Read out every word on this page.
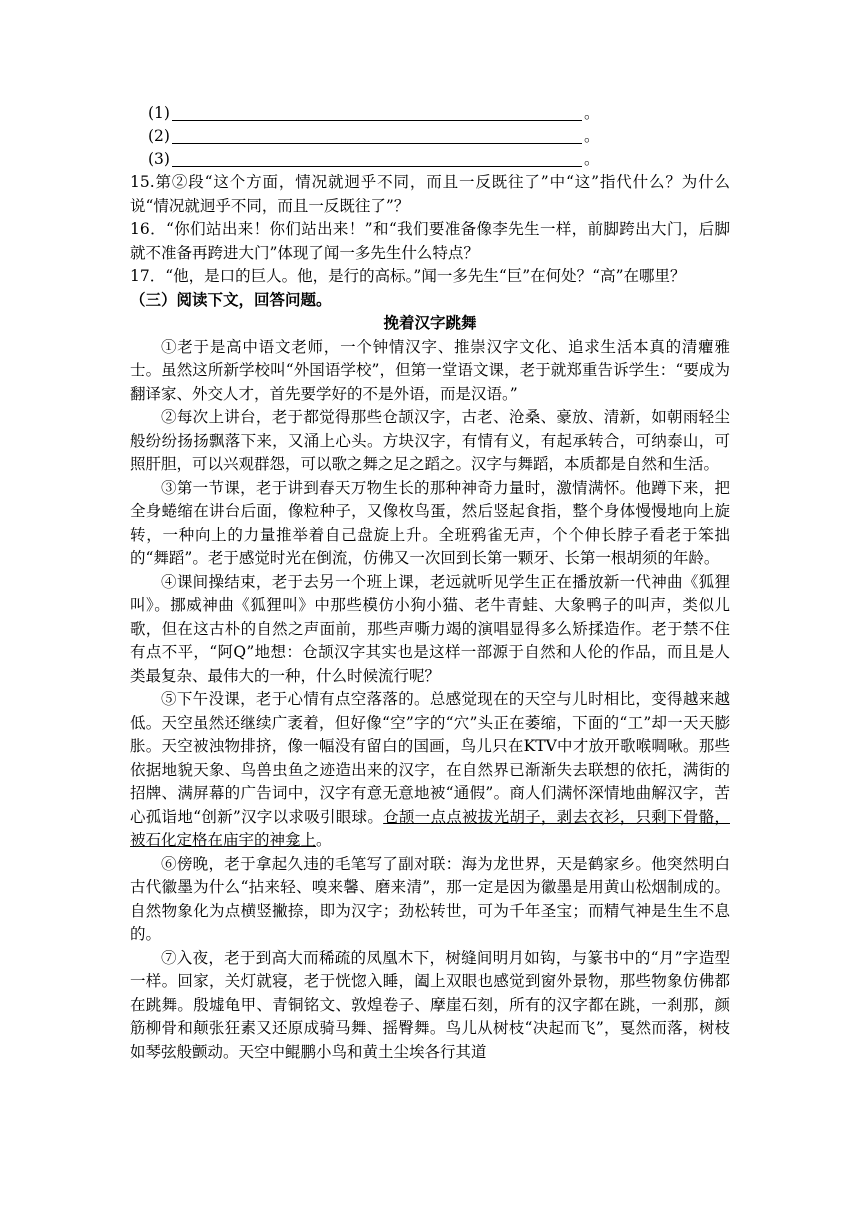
(1)	。
(2)	。
(3)	。

15.第②段“这个方面，情况就迥乎不同，而且一反既往了”中“这”指代什么？为什么说“情况就迥乎不同，而且一反既往了”？

16．“你们站出来！你们站出来！”和“我们要准备像李先生一样，前脚跨出大门，后脚就不准备再跨进大门”体现了闻一多先生什么特点？

17．“他，是口的巨人。他，是行的高标。”闻一多先生“巨”在何处？“高”在哪里？

（三）阅读下文，回答问题。

挽着汉字跳舞

①老于是高中语文老师，一个钟情汉字、推崇汉字文化、追求生活本真的清癯雅士。虽然这所新学校叫“外国语学校”，但第一堂语文课，老于就郑重告诉学生：“要成为翻译家、外交人才，首先要学好的不是外语，而是汉语。”

②每次上讲台，老于都觉得那些仓颉汉字，古老、沧桑、豪放、清新，如朝雨轻尘般纷纷扬扬飘落下来，又涌上心头。方块汉字，有情有义，有起承转合，可纳泰山，可照肝胆，可以兴观群怨，可以歌之舞之足之蹈之。汉字与舞蹈，本质都是自然和生活。

③第一节课，老于讲到春天万物生长的那种神奇力量时，激情满怀。他蹲下来，把全身蜷缩在讲台后面，像粒种子，又像枚鸟蛋，然后竖起食指，整个身体慢慢地向上旋转，一种向上的力量推举着自己盘旋上升。全班鸦雀无声，个个伸长脖子看老于笨拙的“舞蹈”。老于感觉时光在倒流，仿佛又一次回到长第一颗牙、长第一根胡须的年龄。

④课间操结束，老于去另一个班上课，老远就听见学生正在播放新一代神曲《狐狸叫》。挪威神曲《狐狸叫》中那些模仿小狗小猫、老牛青蛙、大象鸭子的叫声，类似儿歌，但在这古朴的自然之声面前，那些声嘶力竭的演唱显得多么矫揉造作。老于禁不住有点不平，“阿Q”地想：仓颉汉字其实也是这样一部源于自然和人伦的作品，而且是人类最复杂、最伟大的一种，什么时候流行呢？

⑤下午没课，老于心情有点空落落的。总感觉现在的天空与儿时相比，变得越来越低。天空虽然还继续广袤着，但好像“空”字的“穴”头正在萎缩，下面的“工”却一天天膨胀。天空被浊物排挤，像一幅没有留白的国画，鸟儿只在KTV中才放开歌喉啁啾。那些依据地貌天象、鸟兽虫鱼之迹造出来的汉字，在自然界已渐渐失去联想的依托，满街的招牌、满屏幕的广告词中，汉字有意无意地被“通假”。商人们满怀深情地曲解汉字，苦心孤诣地“创新”汉字以求吸引眼球。仓颉一点点被拔光胡子，剥去衣衫，只剩下骨骼，被石化定格在庙宇的神龛上。

⑥傍晚，老于拿起久违的毛笔写了副对联：海为龙世界，天是鹤家乡。他突然明白古代徽墨为什么“拈来轻、嗅来馨、磨来清”，那一定是因为徽墨是用黄山松烟制成的。自然物象化为点横竖撇捺，即为汉字；劲松转世，可为千年圣宝；而精气神是生生不息的。

⑦入夜，老于到高大而稀疏的凤凰木下，树缝间明月如钩，与篆书中的“月”字造型一样。回家，关灯就寝，老于恍惚入睡，阖上双眼也感觉到窗外景物，那些物象仿佛都在跳舞。殷墟龟甲、青铜铭文、敦煌卷子、摩崖石刻，所有的汉字都在跳，一刹那，颜筋柳骨和颠张狂素又还原成骑马舞、摇臀舞。鸟儿从树枝“决起而飞”，戛然而落，树枝如琴弦般颤动。天空中鲲鹏小鸟和黄土尘埃各行其道
